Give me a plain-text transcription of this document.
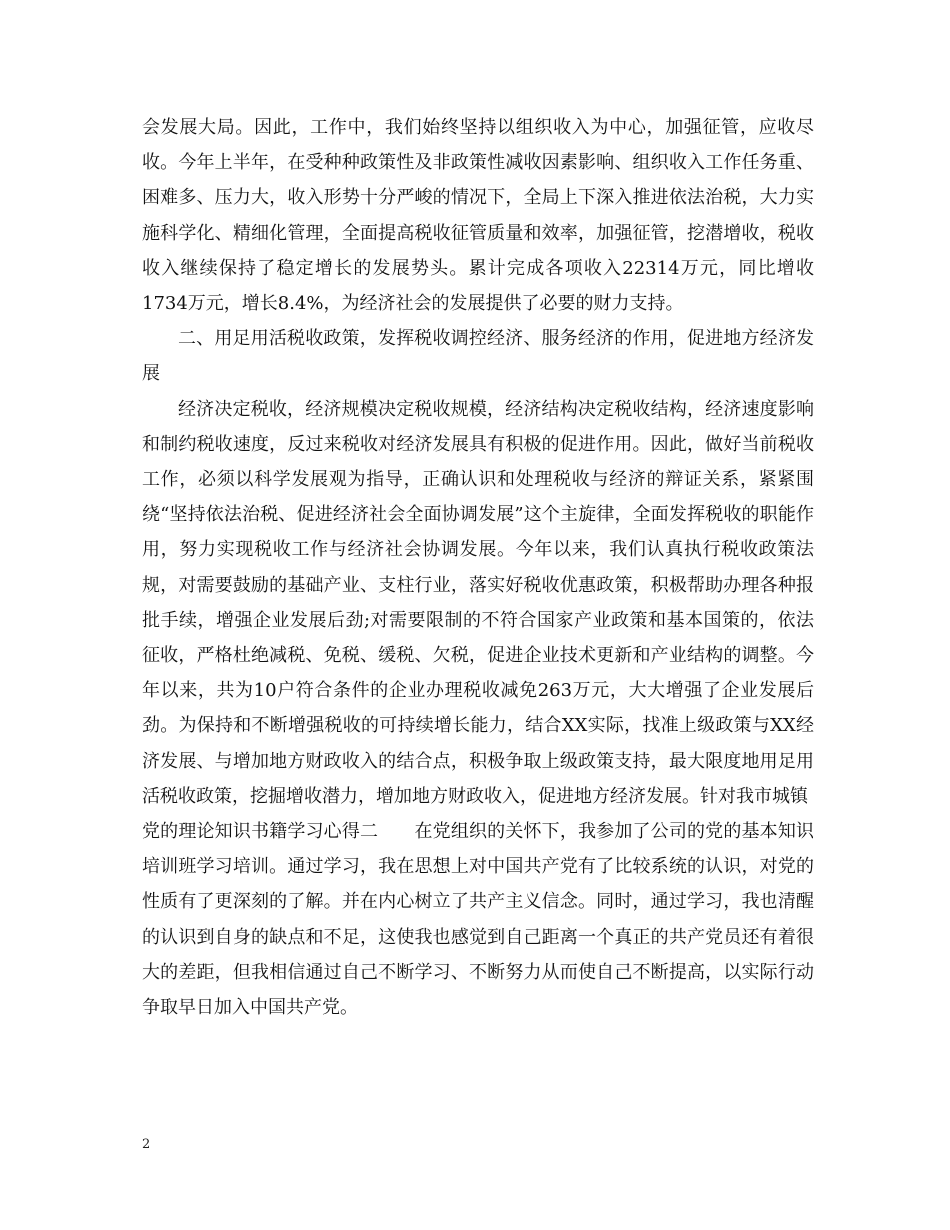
会发展大局。因此，工作中，我们始终坚持以组织收入为中心，加强征管，应收尽收。今年上半年，在受种种政策性及非政策性减收因素影响、组织收入工作任务重、困难多、压力大，收入形势十分严峻的情况下，全局上下深入推进依法治税，大力实施科学化、精细化管理，全面提高税收征管质量和效率，加强征管，挖潜增收，税收收入继续保持了稳定增长的发展势头。累计完成各项收入22314万元，同比增收1734万元，增长8.4%，为经济社会的发展提供了必要的财力支持。

二、用足用活税收政策，发挥税收调控经济、服务经济的作用，促进地方经济发展

经济决定税收，经济规模决定税收规模，经济结构决定税收结构，经济速度影响和制约税收速度，反过来税收对经济发展具有积极的促进作用。因此，做好当前税收工作，必须以科学发展观为指导，正确认识和处理税收与经济的辩证关系，紧紧围绕“坚持依法治税、促进经济社会全面协调发展”这个主旋律，全面发挥税收的职能作用，努力实现税收工作与经济社会协调发展。今年以来，我们认真执行税收政策法规，对需要鼓励的基础产业、支柱行业，落实好税收优惠政策，积极帮助办理各种报批手续，增强企业发展后劲;对需要限制的不符合国家产业政策和基本国策的，依法征收，严格杜绝减税、免税、缓税、欠税，促进企业技术更新和产业结构的调整。今年以来，共为10户符合条件的企业办理税收减免263万元，大大增强了企业发展后劲。为保持和不断增强税收的可持续增长能力，结合XX实际，找准上级政策与XX经济发展、与增加地方财政收入的结合点，积极争取上级政策支持，最大限度地用足用活税收政策，挖掘增收潜力，增加地方财政收入，促进地方经济发展。针对我市城镇

党的理论知识书籍学习心得二　　在党组织的关怀下，我参加了公司的党的基本知识培训班学习培训。通过学习，我在思想上对中国共产党有了比较系统的认识，对党的性质有了更深刻的了解。并在内心树立了共产主义信念。同时，通过学习，我也清醒的认识到自身的缺点和不足，这使我也感觉到自己距离一个真正的共产党员还有着很大的差距，但我相信通过自己不断学习、不断努力从而使自己不断提高，以实际行动争取早日加入中国共产党。

2
